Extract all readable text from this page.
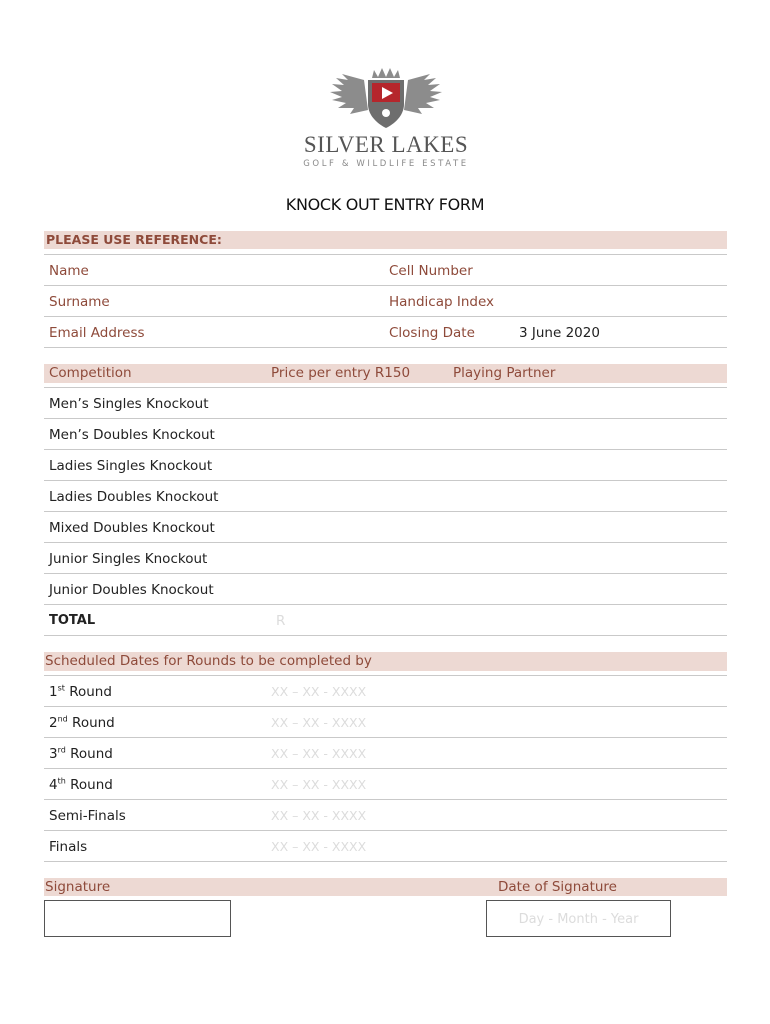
SILVER LAKES
GOLF & WILDLIFE ESTATE
KNOCK OUT ENTRY FORM
PLEASE USE REFERENCE:
Name	Cell Number
Surname	Handicap Index
Email Address	Closing Date	3 June 2020
Competition	Price per entry R150	Playing Partner
Men’s Singles Knockout
Men’s Doubles Knockout
Ladies Singles Knockout
Ladies Doubles Knockout
Mixed Doubles Knockout
Junior Singles Knockout
Junior Doubles Knockout
TOTAL	R
Scheduled Dates for Rounds to be completed by
1st Round	XX – XX - XXXX
2nd Round	XX – XX - XXXX
3rd Round	XX – XX - XXXX
4th Round	XX – XX - XXXX
Semi-Finals	XX – XX - XXXX
Finals	XX – XX - XXXX
Signature	Date of Signature
Day - Month - Year
